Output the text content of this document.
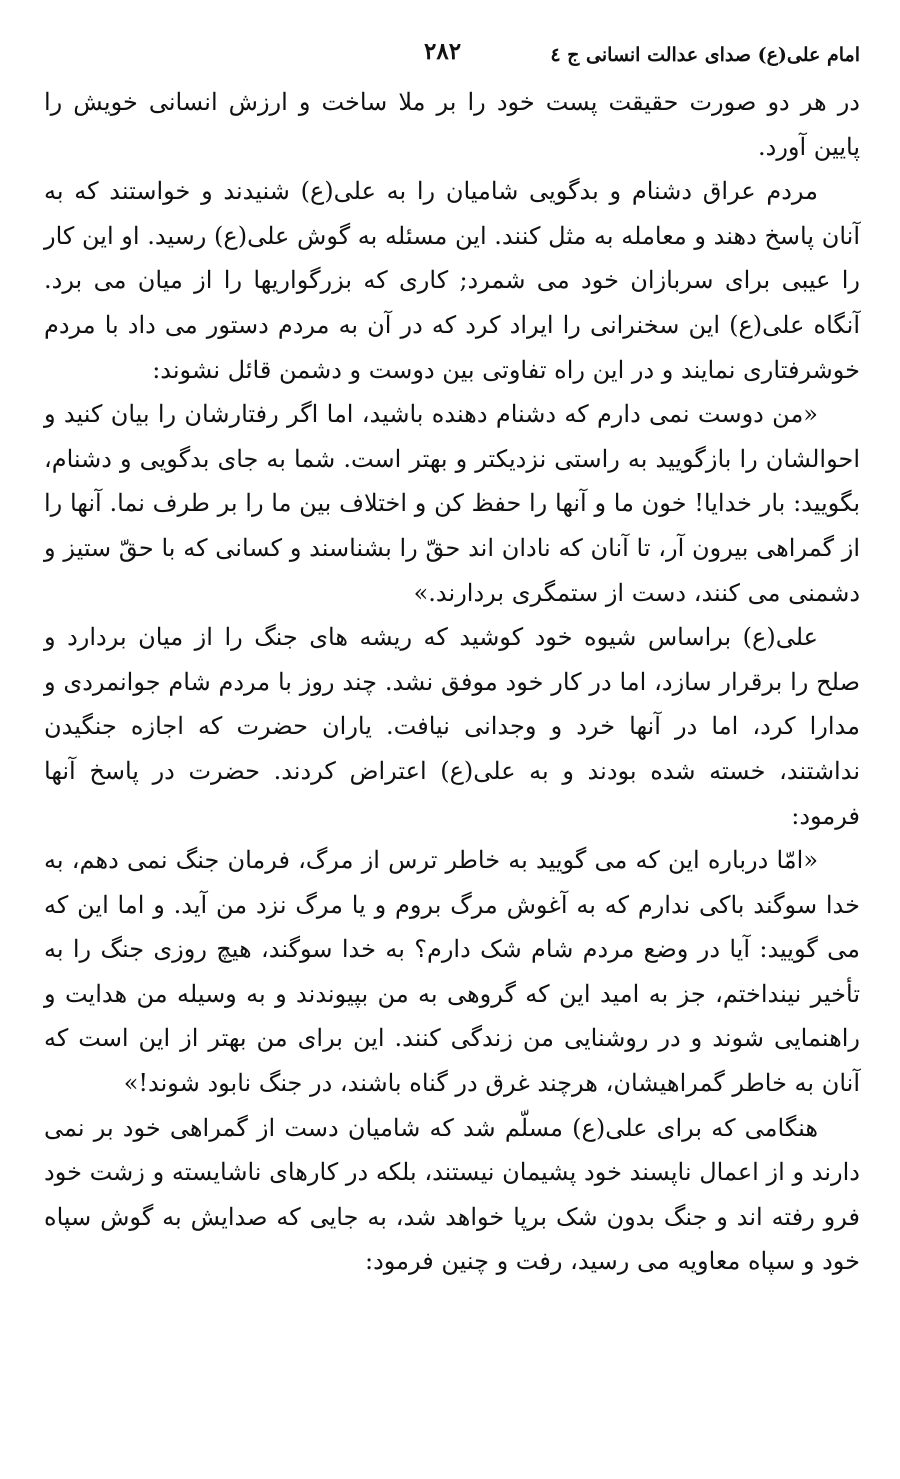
امام علی(ع) صدای عدالت انسانی ج ٤
٢٨٢

در هر دو صورت حقیقت پست خود را بر ملا ساخت و ارزش انسانی خویش را پایین آورد.

مردم عراق دشنام و بدگویی شامیان را به علی(ع) شنیدند و خواستند که به آنان پاسخ دهند و معامله به مثل کنند. این مسئله به گوش علی(ع) رسید. او این کار را عیبی برای سربازان خود می شمرد; کاری که بزرگواریها را از میان می برد. آنگاه علی(ع) این سخنرانی را ایراد کرد که در آن به مردم دستور می داد با مردم خوشرفتاری نمایند و در این راه تفاوتی بین دوست و دشمن قائل نشوند:

«من دوست نمی دارم که دشنام دهنده باشید، اما اگر رفتارشان را بیان کنید و احوالشان را بازگویید به راستی نزدیکتر و بهتر است. شما به جای بدگویی و دشنام، بگویید: بار خدایا! خون ما و آنها را حفظ کن و اختلاف بین ما را بر طرف نما. آنها را از گمراهی بیرون آر، تا آنان که نادان اند حقّ را بشناسند و کسانی که با حقّ ستیز و دشمنی می کنند، دست از ستمگری بردارند.»

علی(ع) براساس شیوه خود کوشید که ریشه های جنگ را از میان بردارد و صلح را برقرار سازد، اما در کار خود موفق نشد. چند روز با مردم شام جوانمردی و مدارا کرد، اما در آنها خرد و وجدانی نیافت. یاران حضرت که اجازه جنگیدن نداشتند، خسته شده بودند و به علی(ع) اعتراض کردند. حضرت در پاسخ آنها فرمود:

«امّا درباره این که می گویید به خاطر ترس از مرگ، فرمان جنگ نمی دهم، به خدا سوگند باکی ندارم که به آغوش مرگ بروم و یا مرگ نزد من آید. و اما این که می گویید: آیا در وضع مردم شام شک دارم؟ به خدا سوگند، هیچ روزی جنگ را به تأخیر نینداختم، جز به امید این که گروهی به من بپیوندند و به وسیله من هدایت و راهنمایی شوند و در روشنایی من زندگی کنند. این برای من بهتر از این است که آنان به خاطر گمراهیشان، هرچند غرق در گناه باشند، در جنگ نابود شوند!»

هنگامی که برای علی(ع) مسلّم شد که شامیان دست از گمراهی خود بر نمی دارند و از اعمال ناپسند خود پشیمان نیستند، بلکه در کارهای ناشایسته و زشت خود فرو رفته اند و جنگ بدون شک برپا خواهد شد، به جایی که صدایش به گوش سپاه خود و سپاه معاویه می رسید، رفت و چنین فرمود:
